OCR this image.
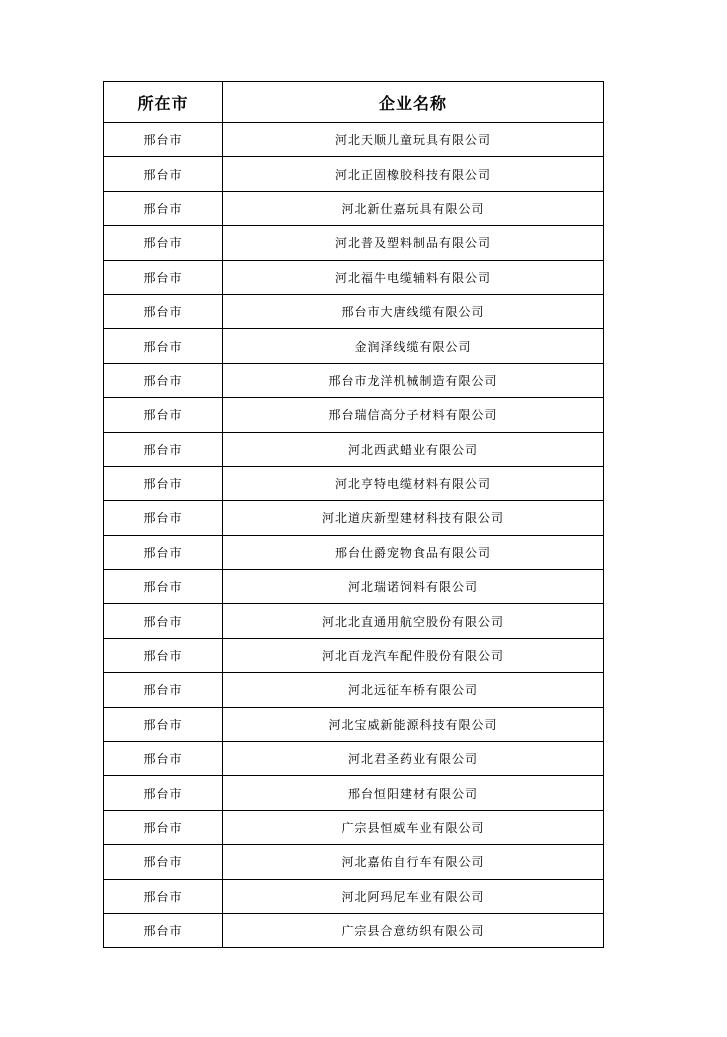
所在市	企业名称
邢台市	河北天顺儿童玩具有限公司
邢台市	河北正固橡胶科技有限公司
邢台市	河北新仕嘉玩具有限公司
邢台市	河北普及塑料制品有限公司
邢台市	河北福牛电缆辅料有限公司
邢台市	邢台市大唐线缆有限公司
邢台市	金润泽线缆有限公司
邢台市	邢台市龙洋机械制造有限公司
邢台市	邢台瑞信高分子材料有限公司
邢台市	河北西武蜡业有限公司
邢台市	河北亨特电缆材料有限公司
邢台市	河北道庆新型建材科技有限公司
邢台市	邢台仕爵宠物食品有限公司
邢台市	河北瑞诺饲料有限公司
邢台市	河北北直通用航空股份有限公司
邢台市	河北百龙汽车配件股份有限公司
邢台市	河北远征车桥有限公司
邢台市	河北宝威新能源科技有限公司
邢台市	河北君圣药业有限公司
邢台市	邢台恒阳建材有限公司
邢台市	广宗县恒威车业有限公司
邢台市	河北嘉佑自行车有限公司
邢台市	河北阿玛尼车业有限公司
邢台市	广宗县合意纺织有限公司
